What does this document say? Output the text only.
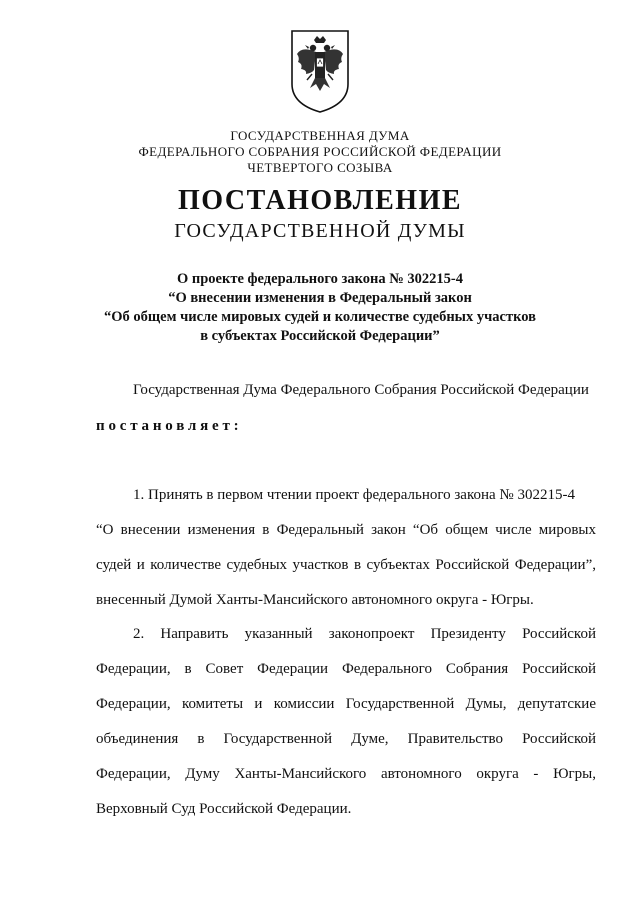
ГОСУДАРСТВЕННАЯ ДУМА
ФЕДЕРАЛЬНОГО СОБРАНИЯ РОССИЙСКОЙ ФЕДЕРАЦИИ
ЧЕТВЕРТОГО СОЗЫВА
ПОСТАНОВЛЕНИЕ
ГОСУДАРСТВЕННОЙ ДУМЫ
О проекте федерального закона № 302215-4
“О внесении изменения в Федеральный закон
“Об общем числе мировых судей и количестве судебных участков
в субъектах Российской Федерации”
Государственная Дума Федерального Собрания Российской Федерации
постановляет:
1. Принять в первом чтении проект федерального закона № 302215-4
“О внесении изменения в Федеральный закон “Об общем числе мировых
судей и количестве судебных участков в субъектах Российской Федерации”,
внесенный Думой Ханты-Мансийского автономного округа - Югры.
2. Направить указанный законопроект Президенту Российской
Федерации, в Совет Федерации Федерального Собрания Российской
Федерации, комитеты и комиссии Государственной Думы, депутатские
объединения в Государственной Думе, Правительство Российской
Федерации, Думу Ханты-Мансийского автономного округа - Югры,
Верховный Суд Российской Федерации.
